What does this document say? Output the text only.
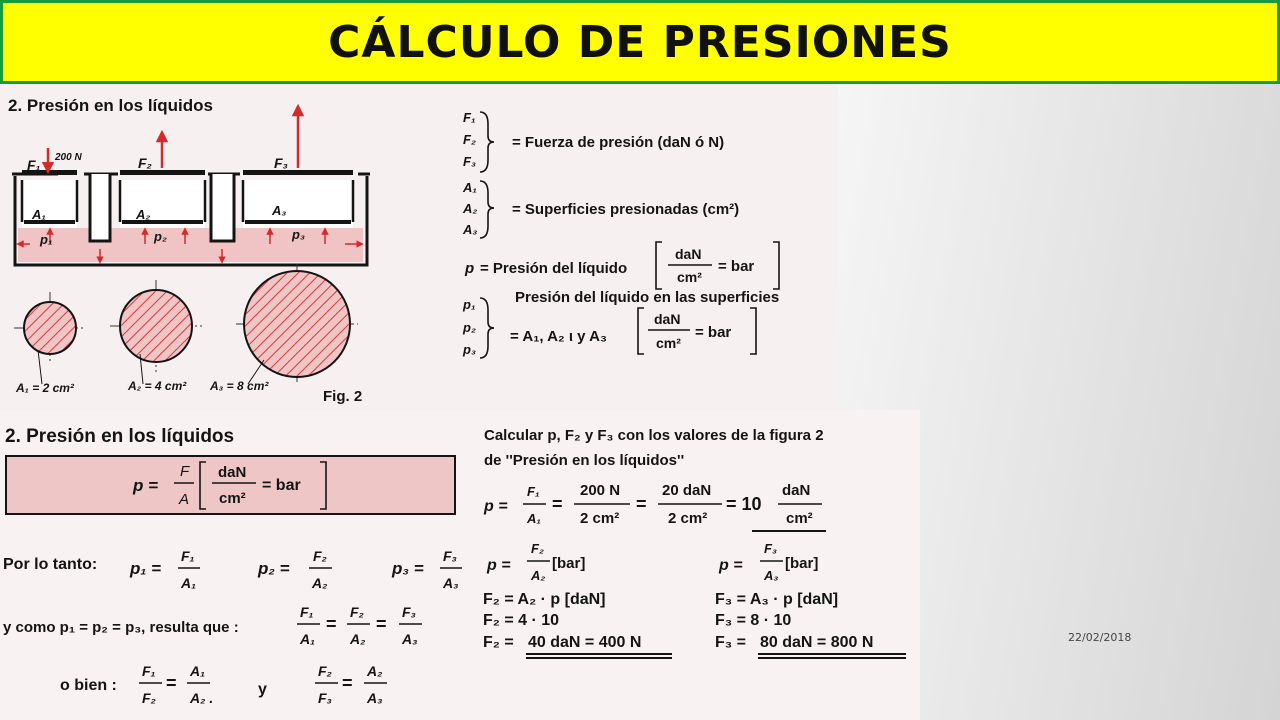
CÁLCULO DE PRESIONES
2. Presión en los líquidos
200 N
F₁	F₂	F₃
A₁	A₂	A₃
p₁	p₂	p₃
A₁ = 2 cm²	A₂ = 4 cm² A₃ = 8 cm²
Fig. 2
F₁
F₂
F₃
= Fuerza de presión (daN ó N)
A₁
A₂
A₃
= Superficies presionadas (cm²)
p = Presión del líquido
daN
cm²
= bar
Presión del líquido en las superficies
p₁
p₂
p₃
= A₁, A₂ ι y A₃
daN
cm²
= bar
2. Presión en los líquidos
p =
F
A
daN
cm²
= bar
Por lo tanto: p₁ =
F₁
A₁
p₂ =
F₂
A₂
p₃ =
F₃
A₃
y como p₁ = p₂ = p₃, resulta que :
F₁
A₁
=
F₂
A₂
=
F₃
A₃
o bien :
F₁
F₂
=
A₁
A₂ .	y
F₂
F₃
=
A₂
A₃
Calcular p, F₂ y F₃ con los valores de la figura 2
de ''Presión en los líquidos''
p =
F₁
A₁
=
200 N
2 cm²
=
20 daN
2 cm²
= 10
daN
cm²
p =
F₂
A₂
[bar]
F₂ = A₂ · p [daN]
F₂ = 4 · 10
F₂ = 40 daN = 400 N
p =
F₃
A₃
[bar]
F₃ = A₃ · p [daN]
F₃ = 8 · 10
F₃ = 80 daN = 800 N	22/02/2018
